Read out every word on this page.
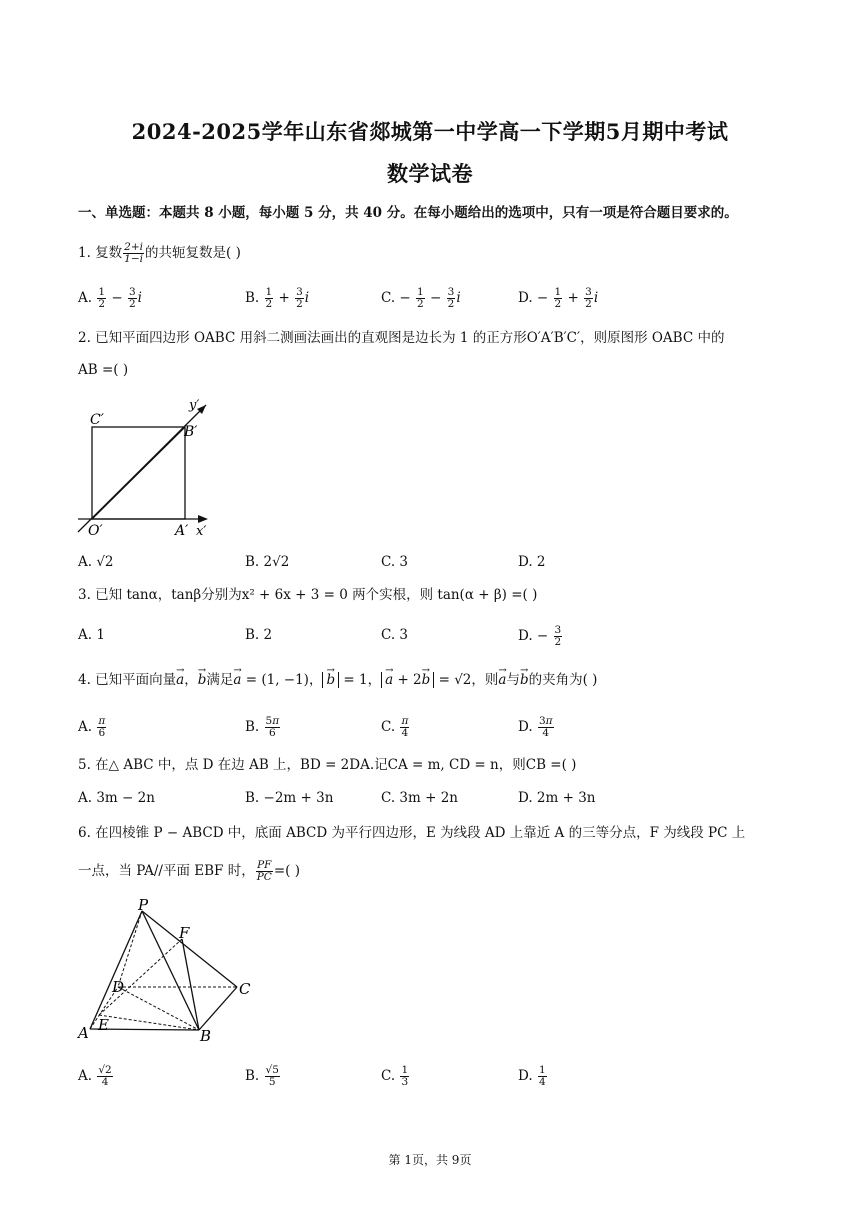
2024-2025学年山东省郯城第一中学高一下学期5月期中考试
数学试卷
一、单选题：本题共 8 小题，每小题 5 分，共 40 分。在每小题给出的选项中，只有一项是符合题目要求的。
1. 复数 $\frac{2+i}{1-i}$ 的共轭复数是( )
A. $\frac{1}{2} - \frac{3}{2}$ i	B. $\frac{1}{2} + \frac{3}{2}$ i	C. − $\frac{1}{2} - \frac{3}{2}$ i	D. − $\frac{1}{2} + \frac{3}{2}$ i
2. 已知平面四边形 OABC 用斜二测画法画出的直观图是边长为 1 的正方形O′A′B′C′，则原图形 OABC 中的
AB =( )
C′
B′
O′	A′ x′
y′
A. √2	B. 2√2	C. 3	D. 2
3. 已知 tanα，tanβ分别为x² + 6x + 3 = 0 两个实根，则 tan(α + β) =( )
A. 1	B. 2	C. 3	D. − $\frac{3}{2}$
4. 已知平面向量→ a，→ b满足→ a = (1, −1)， → b = 1， → a + 2→ b = √2，则→ a与→ b的夹角为( )
A. $\frac{\pi}{6}$	B. $\frac{5\pi}{6}$	C. $\frac{\pi}{4}$	D. $\frac{3\pi}{4}$
5. 在△ ABC 中，点 D 在边 AB 上，BD = 2DA.记CA = m, CD = n，则CB =( )
A. 3m − 2n	B. −2m + 3n	C. 3m + 2n	D. 2m + 3n
6. 在四棱锥 P − ABCD 中，底面 ABCD 为平行四边形，E 为线段 AD 上靠近 A 的三等分点，F 为线段 PC 上
一点，当 PA//平面 EBF 时， $\frac{PF}{PC}$ =( )
P
F
D	C
A E
B
A. $\frac{√2}{4}$	B. $\frac{√5}{5}$	C. $\frac{1}{3}$	D. $\frac{1}{4}$
第 1页，共 9页
